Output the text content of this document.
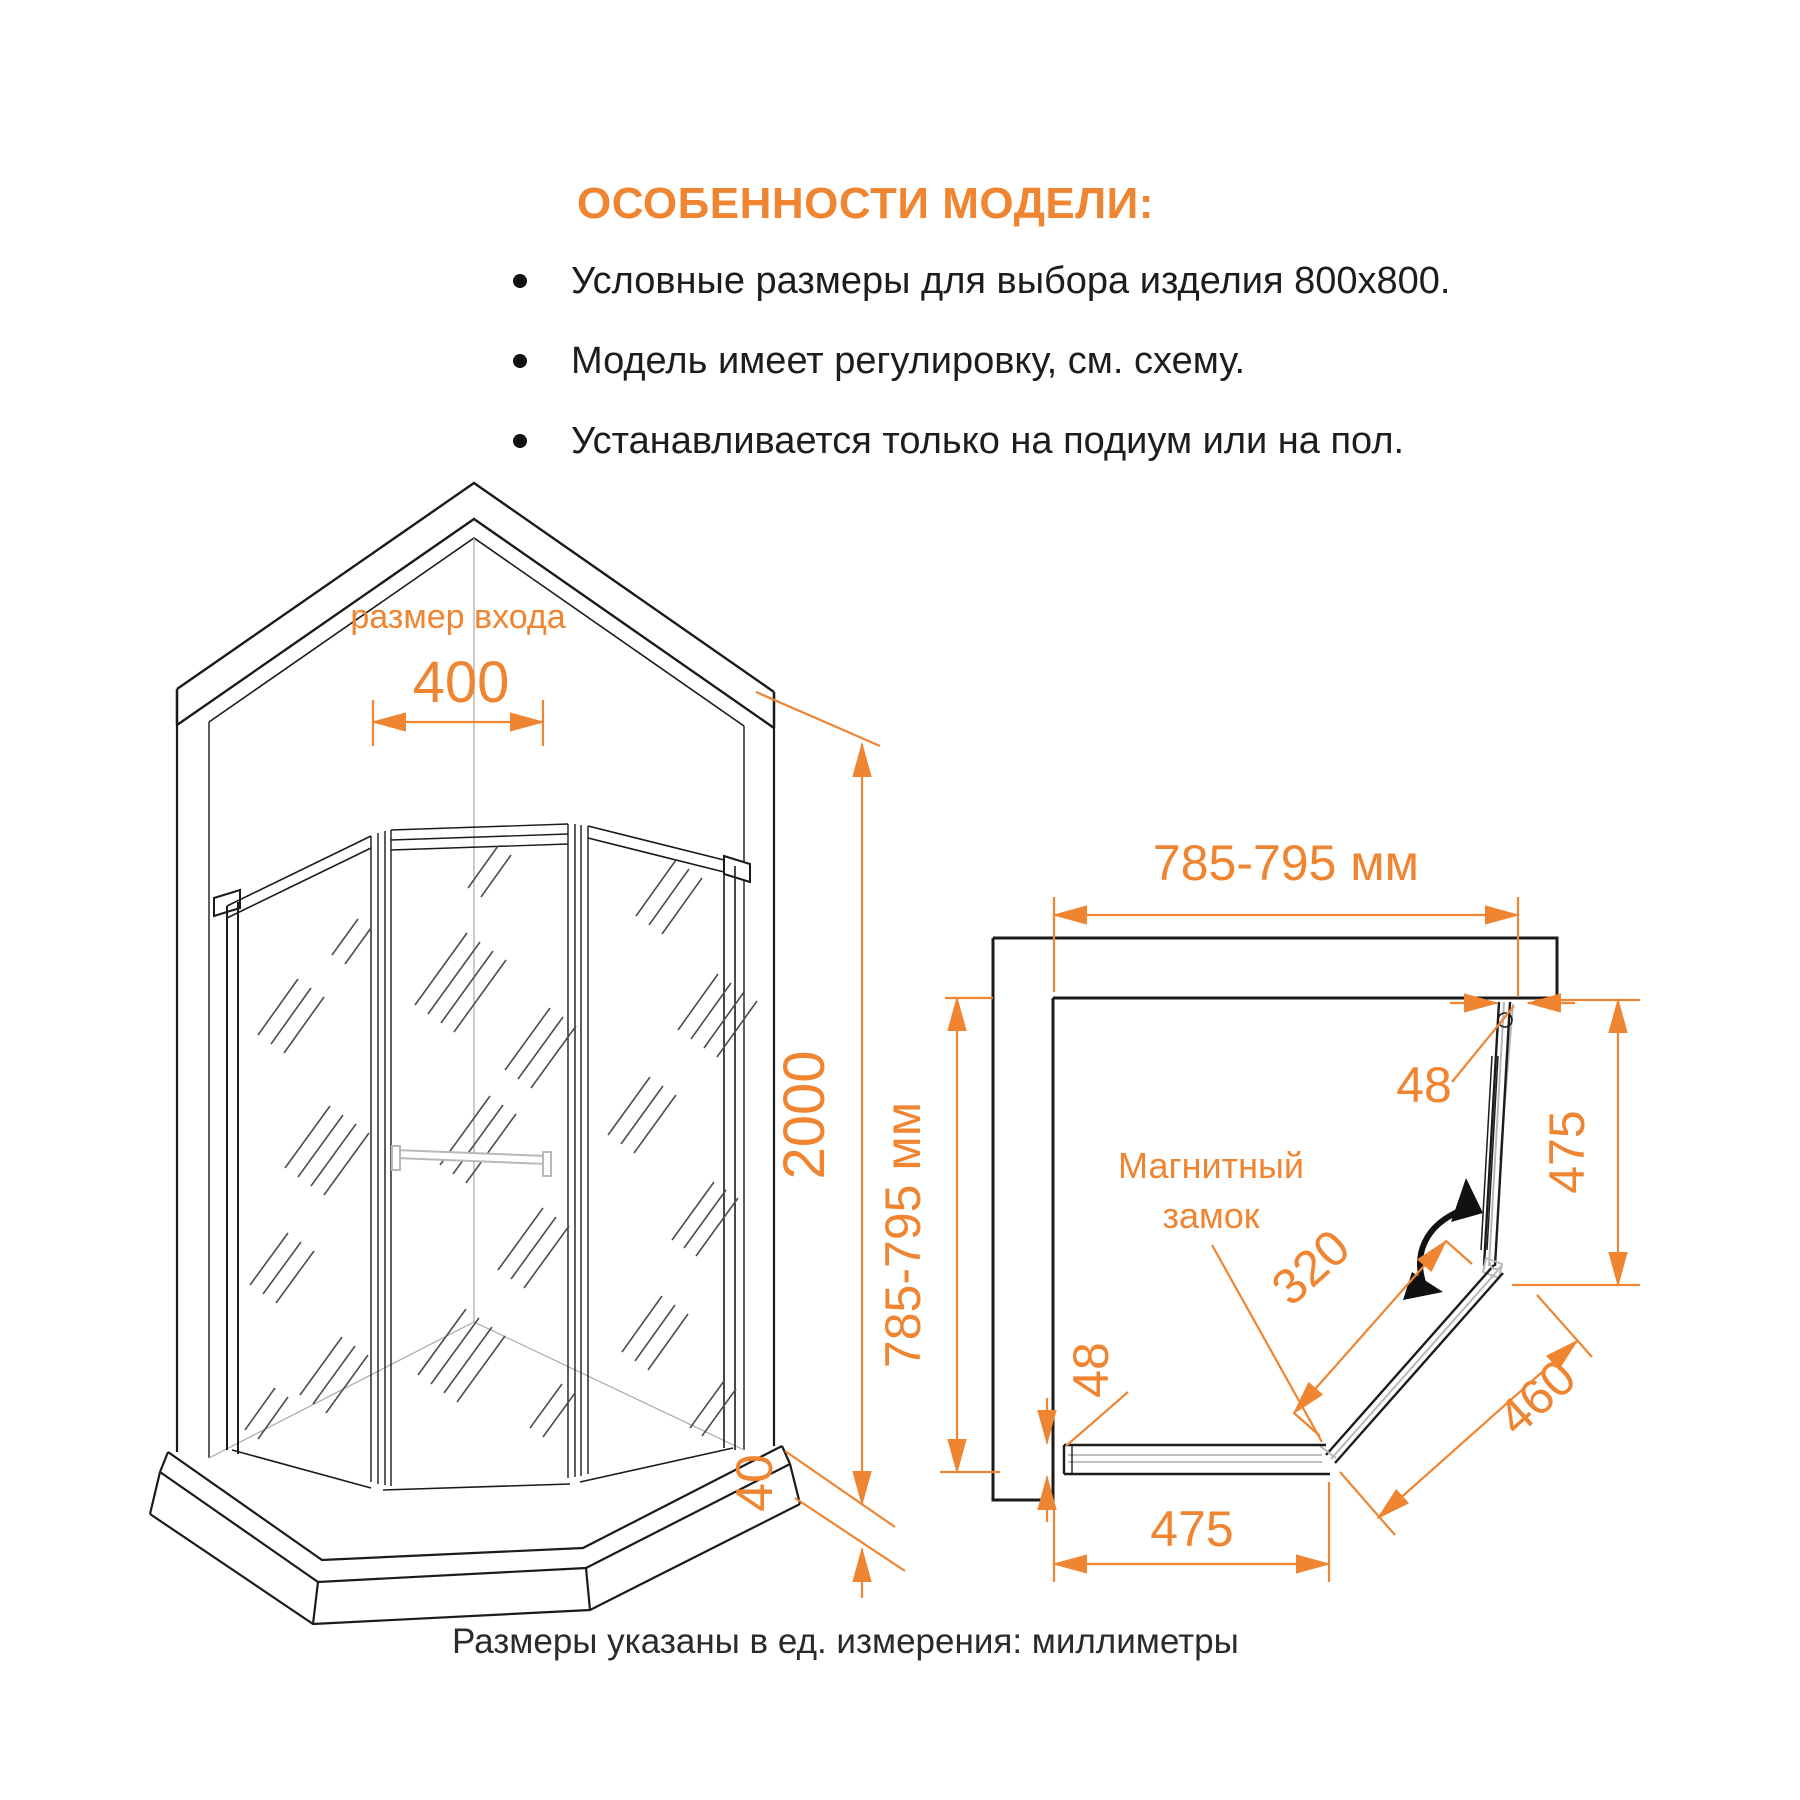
ОСОБЕННОСТИ МОДЕЛИ:
Условные размеры для выбора изделия 800x800.
Модель имеет регулировку, см. схему.
Устанавливается только на подиум или на пол.
размер входа
400
2000
40
785-795 мм
785-795 мм
48
475
320
460
48
475
Магнитный
замок
Размеры указаны в ед. измерения: миллиметры
